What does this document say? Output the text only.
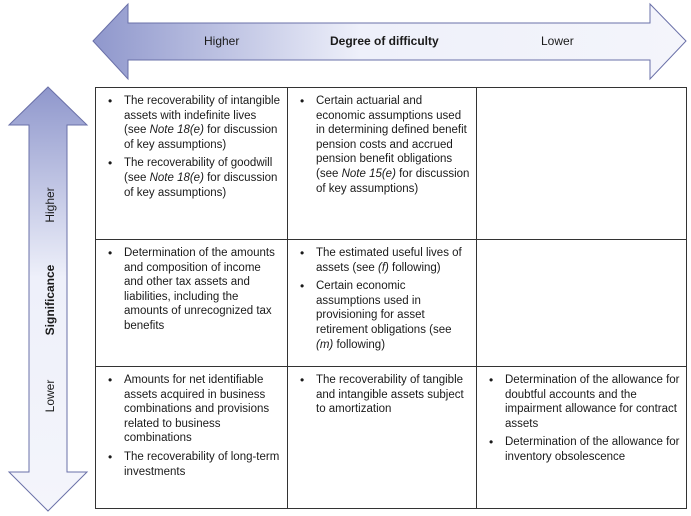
Higher	Degree of difficulty	Lower
Higher
Significance
Lower
• The recoverability of intangible assets with indefinite lives (see Note 18(e) for discussion of key assumptions)
• The recoverability of goodwill (see Note 18(e) for discussion of key assumptions)
• Certain actuarial and economic assumptions used in determining defined benefit pension costs and accrued pension benefit obligations (see Note 15(e) for discussion of key assumptions)
• Determination of the amounts and composition of income and other tax assets and liabilities, including the amounts of unrecognized tax benefits
• The estimated useful lives of assets (see (f) following)
• Certain economic assumptions used in provisioning for asset retirement obligations (see (m) following)
• Amounts for net identifiable assets acquired in business combinations and provisions related to business combinations
• The recoverability of long-term investments
• The recoverability of tangible and intangible assets subject to amortization
• Determination of the allowance for doubtful accounts and the impairment allowance for contract assets
• Determination of the allowance for inventory obsolescence
